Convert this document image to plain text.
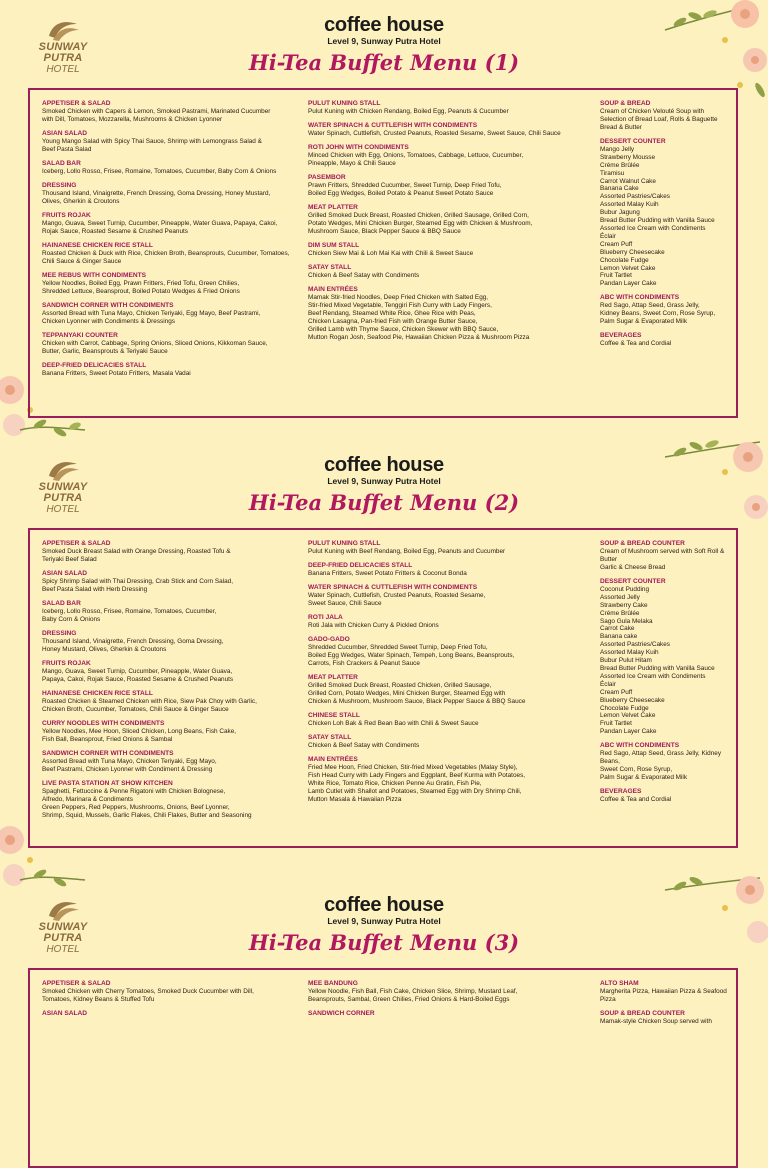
SUNWAY PUTRA
HOTEL
coffee house
Level 9, Sunway Putra Hotel
Hi-Tea Buffet Menu (1)
APPETISER & SALAD
Smoked Chicken with Capers & Lemon, Smoked Pastrami, Marinated Cucumber
with Dill, Tomatoes, Mozzarella, Mushrooms & Chicken Lyonner
ASIAN SALAD
Young Mango Salad with Spicy Thai Sauce, Shrimp with Lemongrass Salad &
Beef Pasta Salad
SALAD BAR
Iceberg, Lollo Rosso, Frisee, Romaine, Tomatoes, Cucumber, Baby Corn & Onions
DRESSING
Thousand Island, Vinaigrette, French Dressing, Goma Dressing, Honey Mustard,
Olives, Gherkin & Croutons
FRUITS ROJAK
Mango, Guava, Sweet Turnip, Cucumber, Pineapple, Water Guava, Papaya, Cakoi,
Rojak Sauce, Roasted Sesame & Crushed Peanuts
HAINANESE CHICKEN RICE STALL
Roasted Chicken & Duck with Rice, Chicken Broth, Beansprouts, Cucumber, Tomatoes,
Chili Sauce & Ginger Sauce
MEE REBUS WITH CONDIMENTS
Yellow Noodles, Boiled Egg, Prawn Fritters, Fried Tofu, Green Chilies,
Shredded Lettuce, Beansprout, Boiled Potato Wedges & Fried Onions
SANDWICH CORNER WITH CONDIMENTS
Assorted Bread with Tuna Mayo, Chicken Teriyaki, Egg Mayo, Beef Pastrami,
Chicken Lyonner with Condiments & Dressings
TEPPANYAKI COUNTER
Chicken with Carrot, Cabbage, Spring Onions, Sliced Onions, Kikkoman Sauce,
Butter, Garlic, Beansprouts & Teriyaki Sauce
DEEP-FRIED DELICACIES STALL
Banana Fritters, Sweet Potato Fritters, Masala Vadai
PULUT KUNING STALL
Pulut Kuning with Chicken Rendang, Boiled Egg, Peanuts & Cucumber
WATER SPINACH & CUTTLEFISH WITH CONDIMENTS
Water Spinach, Cuttlefish, Crusted Peanuts, Roasted Sesame, Sweet Sauce, Chili Sauce
ROTI JOHN WITH CONDIMENTS
Minced Chicken with Egg, Onions, Tomatoes, Cabbage, Lettuce, Cucumber,
Pineapple, Mayo & Chili Sauce
PASEMBOR
Prawn Fritters, Shredded Cucumber, Sweet Turnip, Deep Fried Tofu,
Boiled Egg Wedges, Boiled Potato & Peanut Sweet Potato Sauce
MEAT PLATTER
Grilled Smoked Duck Breast, Roasted Chicken, Grilled Sausage, Grilled Corn,
Potato Wedges, Mini Chicken Burger, Steamed Egg with Chicken & Mushroom,
Mushroom Sauce, Black Pepper Sauce & BBQ Sauce
DIM SUM STALL
Chicken Siew Mai & Loh Mai Kai with Chili & Sweet Sauce
SATAY STALL
Chicken & Beef Satay with Condiments
MAIN ENTRÉES
Mamak Stir-fried Noodles, Deep Fried Chicken with Salted Egg,
Stir-fried Mixed Vegetable, Tenggiri Fish Curry with Lady Fingers,
Beef Rendang, Steamed White Rice, Ghee Rice with Peas,
Chicken Lasagna, Pan-fried Fish with Orange Butter Sauce,
Grilled Lamb with Thyme Sauce, Chicken Skewer with BBQ Sauce,
Mutton Rogan Josh, Seafood Pie, Hawaiian Chicken Pizza & Mushroom Pizza
SOUP & BREAD
Cream of Chicken Velouté Soup with
Selection of Bread Loaf, Rolls & Baguette
Bread & Butter
DESSERT COUNTER
Mango Jelly
Strawberry Mousse
Crème Brûlée
Tiramisu
Carrot Walnut Cake
Banana Cake
Assorted Pastries/Cakes
Assorted Malay Kuih
Bubur Jagung
Bread Butter Pudding with Vanilla Sauce
Assorted Ice Cream with Condiments
Éclair
Cream Puff
Blueberry Cheesecake
Chocolate Fudge
Lemon Velvet Cake
Fruit Tartlet
Pandan Layer Cake
ABC WITH CONDIMENTS
Red Sago, Attap Seed, Grass Jelly,
Kidney Beans, Sweet Corn, Rose Syrup,
Palm Sugar & Evaporated Milk
BEVERAGES
Coffee & Tea and Cordial
SUNWAY PUTRA
HOTEL
coffee house
Level 9, Sunway Putra Hotel
Hi-Tea Buffet Menu (2)
APPETISER & SALAD
Smoked Duck Breast Salad with Orange Dressing, Roasted Tofu &
Teriyaki Beef Salad
ASIAN SALAD
Spicy Shrimp Salad with Thai Dressing, Crab Stick and Corn Salad,
Beef Pasta Salad with Herb Dressing
SALAD BAR
Iceberg, Lollo Rosso, Frisee, Romaine, Tomatoes, Cucumber,
Baby Corn & Onions
DRESSING
Thousand Island, Vinaigrette, French Dressing, Goma Dressing,
Honey Mustard, Olives, Gherkin & Croutons
FRUITS ROJAK
Mango, Guava, Sweet Turnip, Cucumber, Pineapple, Water Guava,
Papaya, Cakoi, Rojak Sauce, Roasted Sesame & Crushed Peanuts
HAINANESE CHICKEN RICE STALL
Roasted Chicken & Steamed Chicken with Rice, Siew Pak Choy with Garlic,
Chicken Broth, Cucumber, Tomatoes, Chili Sauce & Ginger Sauce
CURRY NOODLES WITH CONDIMENTS
Yellow Noodles, Mee Hoon, Sliced Chicken, Long Beans, Fish Cake,
Fish Ball, Beansprout, Fried Onions & Sambal
SANDWICH CORNER WITH CONDIMENTS
Assorted Bread with Tuna Mayo, Chicken Teriyaki, Egg Mayo,
Beef Pastrami, Chicken Lyonner with Condiment & Dressing
LIVE PASTA STATION AT SHOW KITCHEN
Spaghetti, Fettuccine & Penne Rigatoni with Chicken Bolognese,
Alfredo, Marinara & Condiments
Green Peppers, Red Peppers, Mushrooms, Onions, Beef Lyonner,
Shrimp, Squid, Mussels, Garlic Flakes, Chili Flakes, Butter and Seasoning
PULUT KUNING STALL
Pulut Kuning with Beef Rendang, Boiled Egg, Peanuts and Cucumber
DEEP-FRIED DELICACIES STALL
Banana Fritters, Sweet Potato Fritters & Coconut Bonda
WATER SPINACH & CUTTLEFISH WITH CONDIMENTS
Water Spinach, Cuttlefish, Crusted Peanuts, Roasted Sesame,
Sweet Sauce, Chili Sauce
ROTI JALA
Roti Jala with Chicken Curry & Pickled Onions
GADO-GADO
Shredded Cucumber, Shredded Sweet Turnip, Deep Fried Tofu,
Boiled Egg Wedges, Water Spinach, Tempeh, Long Beans, Beansprouts,
Carrots, Fish Crackers & Peanut Sauce
MEAT PLATTER
Grilled Smoked Duck Breast, Roasted Chicken, Grilled Sausage,
Grilled Corn, Potato Wedges, Mini Chicken Burger, Steamed Egg with
Chicken & Mushroom, Mushroom Sauce, Black Pepper Sauce & BBQ Sauce
CHINESE STALL
Chicken Loh Bak & Red Bean Bao with Chili & Sweet Sauce
SATAY STALL
Chicken & Beef Satay with Condiments
MAIN ENTRÉES
Fried Mee Hoon, Fried Chicken, Stir-fried Mixed Vegetables (Malay Style),
Fish Head Curry with Lady Fingers and Eggplant, Beef Kurma with Potatoes,
White Rice, Tomato Rice, Chicken Penne Au Gratin, Fish Pie,
Lamb Cutlet with Shallot and Potatoes, Steamed Egg with Dry Shrimp Chili,
Mutton Masala & Hawaiian Pizza
SOUP & BREAD COUNTER
Cream of Mushroom served with Soft Roll & Butter
Garlic & Cheese Bread
DESSERT COUNTER
Coconut Pudding
Assorted Jelly
Strawberry Cake
Crème Brûlée
Sago Gula Melaka
Carrot Cake
Banana cake
Assorted Pastries/Cakes
Assorted Malay Kuih
Bubur Pulut Hitam
Bread Butter Pudding with Vanilla Sauce
Assorted Ice Cream with Condiments
Éclair
Cream Puff
Blueberry Cheesecake
Chocolate Fudge
Lemon Velvet Cake
Fruit Tartlet
Pandan Layer Cake
ABC WITH CONDIMENTS
Red Sago, Attap Seed, Grass Jelly, Kidney Beans,
Sweet Corn, Rose Syrup,
Palm Sugar & Evaporated Milk
BEVERAGES
Coffee & Tea and Cordial
SUNWAY PUTRA
HOTEL
coffee house
Level 9, Sunway Putra Hotel
Hi-Tea Buffet Menu (3)
APPETISER & SALAD
Smoked Chicken with Cherry Tomatoes, Smoked Duck Cucumber with Dill,
Tomatoes, Kidney Beans & Stuffed Tofu
ASIAN SALAD
MEE BANDUNG
Yellow Noodle, Fish Ball, Fish Cake, Chicken Slice, Shrimp, Mustard Leaf,
Beansprouts, Sambal, Green Chilies, Fried Onions & Hard-Boiled Eggs
SANDWICH CORNER
ALTO SHAM
Margherita Pizza, Hawaiian Pizza & Seafood Pizza
SOUP & BREAD COUNTER
Mamak-style Chicken Soup served with
